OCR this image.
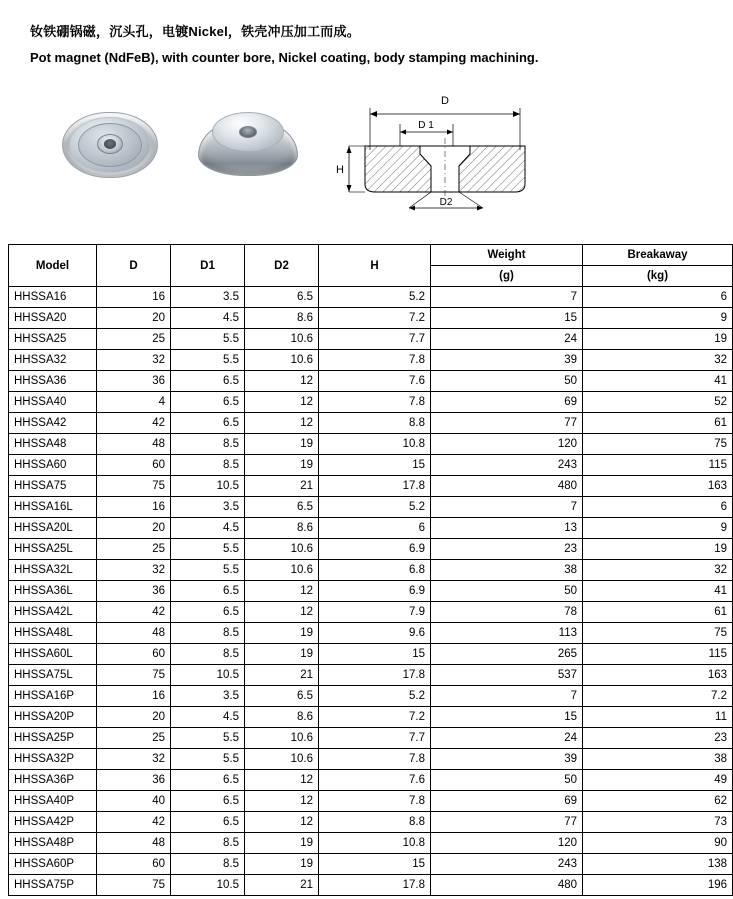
钕铁硼锅磁，沉头孔，电镀Nickel，铁壳冲压加工而成。
Pot magnet (NdFeB), with counter bore, Nickel coating, body stamping machining.
D
D 1
H
D2
Model	D	D1	D2	H	Weight	Breakaway
					(g)	(kg)
HHSSA16	16	3.5	6.5	5.2	7	6
HHSSA20	20	4.5	8.6	7.2	15	9
HHSSA25	25	5.5	10.6	7.7	24	19
HHSSA32	32	5.5	10.6	7.8	39	32
HHSSA36	36	6.5	12	7.6	50	41
HHSSA40	4	6.5	12	7.8	69	52
HHSSA42	42	6.5	12	8.8	77	61
HHSSA48	48	8.5	19	10.8	120	75
HHSSA60	60	8.5	19	15	243	115
HHSSA75	75	10.5	21	17.8	480	163
HHSSA16L	16	3.5	6.5	5.2	7	6
HHSSA20L	20	4.5	8.6	6	13	9
HHSSA25L	25	5.5	10.6	6.9	23	19
HHSSA32L	32	5.5	10.6	6.8	38	32
HHSSA36L	36	6.5	12	6.9	50	41
HHSSA42L	42	6.5	12	7.9	78	61
HHSSA48L	48	8.5	19	9.6	113	75
HHSSA60L	60	8.5	19	15	265	115
HHSSA75L	75	10.5	21	17.8	537	163
HHSSA16P	16	3.5	6.5	5.2	7	7.2
HHSSA20P	20	4.5	8.6	7.2	15	11
HHSSA25P	25	5.5	10.6	7.7	24	23
HHSSA32P	32	5.5	10.6	7.8	39	38
HHSSA36P	36	6.5	12	7.6	50	49
HHSSA40P	40	6.5	12	7.8	69	62
HHSSA42P	42	6.5	12	8.8	77	73
HHSSA48P	48	8.5	19	10.8	120	90
HHSSA60P	60	8.5	19	15	243	138
HHSSA75P	75	10.5	21	17.8	480	196
